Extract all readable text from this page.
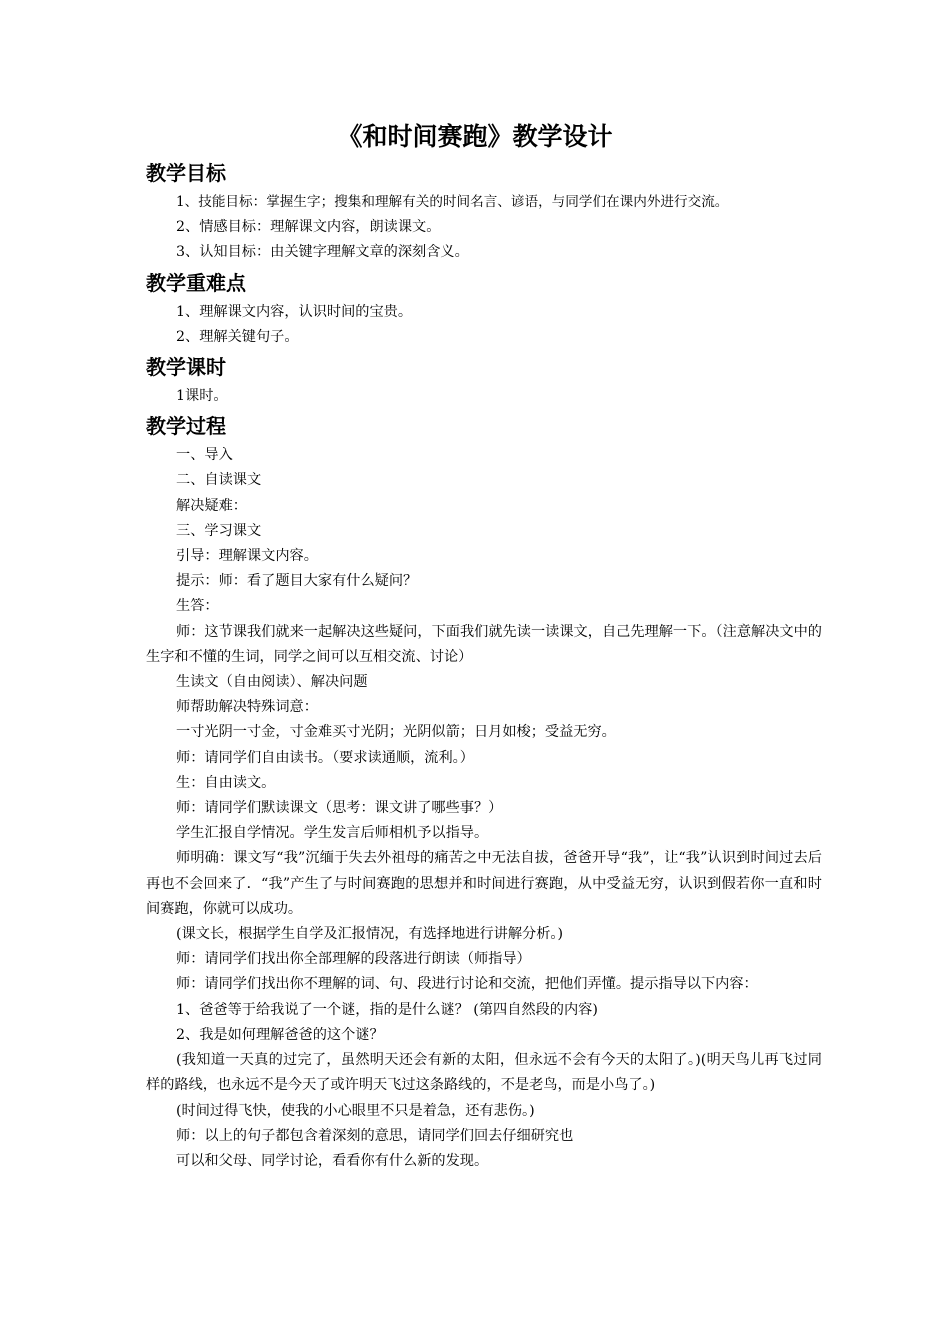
《和时间赛跑》教学设计
教学目标

1、技能目标：掌握生字；搜集和理解有关的时间名言、谚语，与同学们在课内外进行交流。

2、情感目标：理解课文内容，朗读课文。

3、认知目标：由关键字理解文章的深刻含义。

教学重难点

1、理解课文内容，认识时间的宝贵。

2、理解关键句子。

教学课时

1课时。

教学过程

一、导入

二、自读课文

解决疑难：

三、学习课文

引导：理解课文内容。

提示：师：看了题目大家有什么疑问？

生答：

师：这节课我们就来一起解决这些疑问，下面我们就先读一读课文，自己先理解一下。（注意解决文中的生字和不懂的生词，同学之间可以互相交流、讨论）

生读文（自由阅读）、解决问题

师帮助解决特殊词意：

一寸光阴一寸金，寸金难买寸光阴；光阴似箭；日月如梭；受益无穷。

师：请同学们自由读书。（要求读通顺，流利。）

生：自由读文。

师：请同学们默读课文（思考：课文讲了哪些事？）

学生汇报自学情况。学生发言后师相机予以指导。

师明确：课文写“我”沉缅于失去外祖母的痛苦之中无法自拔，爸爸开导“我”，让“我”认识到时间过去后再也不会回来了．“我”产生了与时间赛跑的思想并和时间进行赛跑，从中受益无穷，认识到假若你一直和时间赛跑，你就可以成功。

(课文长，根据学生自学及汇报情况，有选择地进行讲解分析。)

师：请同学们找出你全部理解的段落进行朗读（师指导）

师：请同学们找出你不理解的词、句、段进行讨论和交流，把他们弄懂。提示指导以下内容：

1、爸爸等于给我说了一个谜，指的是什么谜？ (第四自然段的内容)

2、我是如何理解爸爸的这个谜？

(我知道一天真的过完了，虽然明天还会有新的太阳，但永远不会有今天的太阳了。)(明天鸟儿再飞过同样的路线，也永远不是今天了或许明天飞过这条路线的，不是老鸟，而是小鸟了。)

(时间过得飞快，使我的小心眼里不只是着急，还有悲伤。)

师：以上的句子都包含着深刻的意思，请同学们回去仔细研究也

可以和父母、同学讨论，看看你有什么新的发现。
